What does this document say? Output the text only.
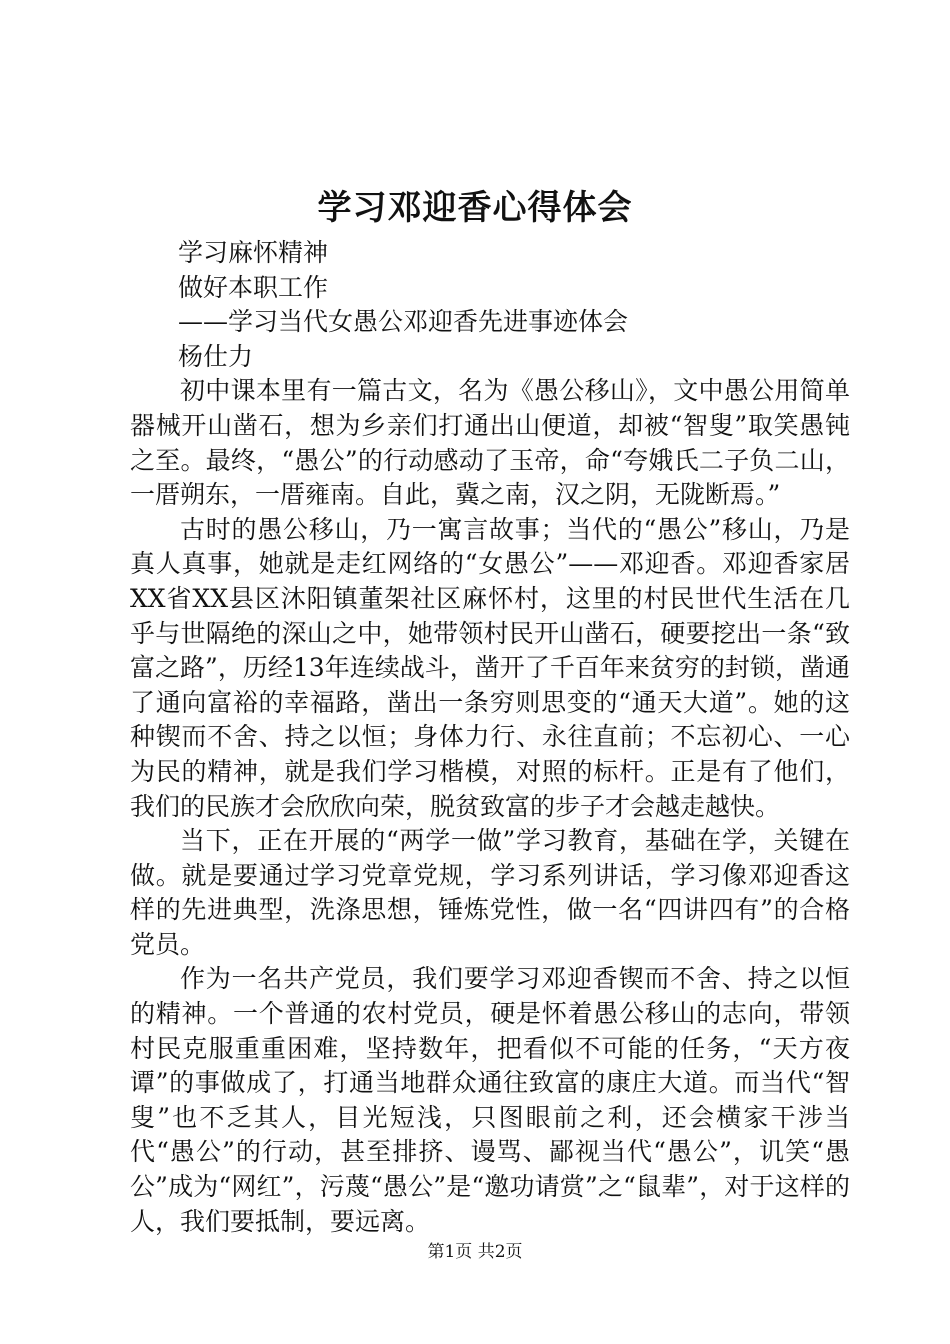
学习邓迎香心得体会

学习麻怀精神

做好本职工作

——学习当代女愚公邓迎香先进事迹体会

杨仕力

初中课本里有一篇古文，名为《愚公移山》，文中愚公用简单器械开山凿石，想为乡亲们打通出山便道，却被“智叟”取笑愚钝之至。最终，“愚公”的行动感动了玉帝，命“夸娥氏二子负二山，一厝朔东，一厝雍南。自此，冀之南，汉之阴，无陇断焉。”

古时的愚公移山，乃一寓言故事；当代的“愚公”移山，乃是真人真事，她就是走红网络的“女愚公”——邓迎香。邓迎香家居XX省XX县区沐阳镇董架社区麻怀村，这里的村民世代生活在几乎与世隔绝的深山之中，她带领村民开山凿石，硬要挖出一条“致富之路”，历经13年连续战斗，凿开了千百年来贫穷的封锁，凿通了通向富裕的幸福路，凿出一条穷则思变的“通天大道”。她的这种锲而不舍、持之以恒；身体力行、永往直前；不忘初心、一心为民的精神，就是我们学习楷模，对照的标杆。正是有了他们，我们的民族才会欣欣向荣，脱贫致富的步子才会越走越快。

当下，正在开展的“两学一做”学习教育，基础在学，关键在做。就是要通过学习党章党规，学习系列讲话，学习像邓迎香这样的先进典型，洗涤思想，锤炼党性，做一名“四讲四有”的合格党员。

作为一名共产党员，我们要学习邓迎香锲而不舍、持之以恒的精神。一个普通的农村党员，硬是怀着愚公移山的志向，带领村民克服重重困难，坚持数年，把看似不可能的任务，“天方夜谭”的事做成了，打通当地群众通往致富的康庄大道。而当代“智叟”也不乏其人，目光短浅，只图眼前之利，还会横家干涉当代“愚公”的行动，甚至排挤、谩骂、鄙视当代“愚公”，讥笑“愚公”成为“网红”，污蔑“愚公”是“邀功请赏”之“鼠辈”，对于这样的人，我们要抵制，要远离。

第1页 共2页
